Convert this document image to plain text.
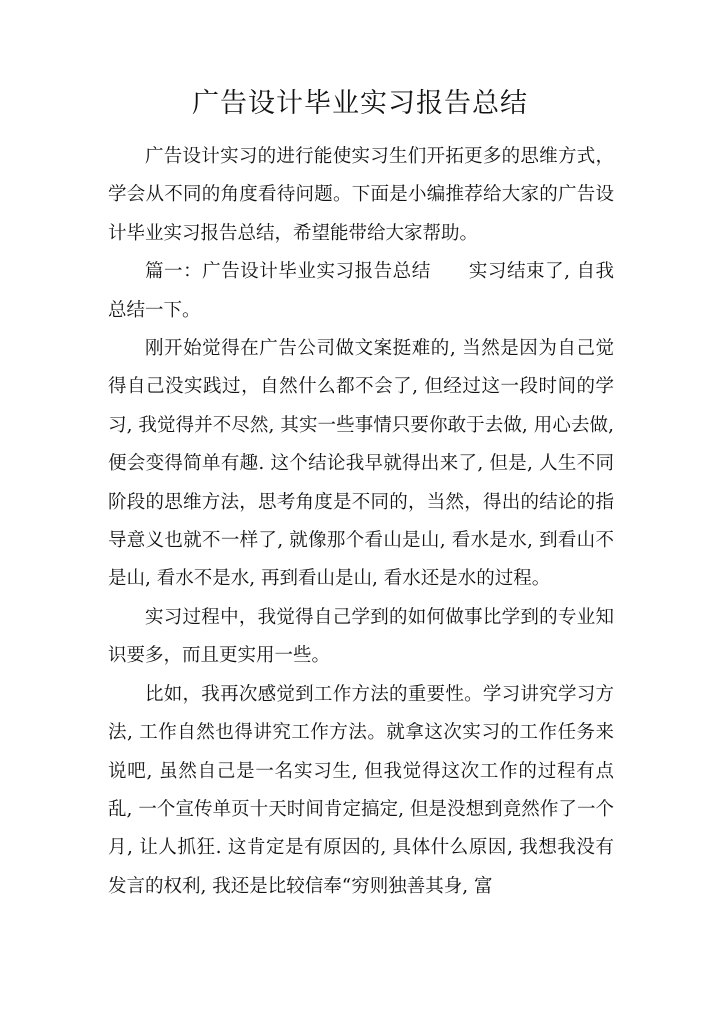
广告设计毕业实习报告总结

广告设计实习的进行能使实习生们开拓更多的思维方式，学会从不同的角度看待问题。下面是小编推荐给大家的广告设计毕业实习报告总结，希望能带给大家帮助。

篇一：广告设计毕业实习报告总结　　实习结束了, 自我总结一下。

刚开始觉得在广告公司做文案挺难的, 当然是因为自己觉得自己没实践过，自然什么都不会了, 但经过这一段时间的学习, 我觉得并不尽然, 其实一些事情只要你敢于去做, 用心去做, 便会变得简单有趣. 这个结论我早就得出来了, 但是, 人生不同阶段的思维方法，思考角度是不同的，当然，得出的结论的指导意义也就不一样了, 就像那个看山是山, 看水是水, 到看山不是山, 看水不是水, 再到看山是山, 看水还是水的过程。

实习过程中，我觉得自己学到的如何做事比学到的专业知识要多，而且更实用一些。

比如，我再次感觉到工作方法的重要性。学习讲究学习方法, 工作自然也得讲究工作方法。就拿这次实习的工作任务来说吧, 虽然自己是一名实习生, 但我觉得这次工作的过程有点乱, 一个宣传单页十天时间肯定搞定, 但是没想到竟然作了一个月, 让人抓狂. 这肯定是有原因的, 具体什么原因, 我想我没有发言的权利, 我还是比较信奉“穷则独善其身, 富
